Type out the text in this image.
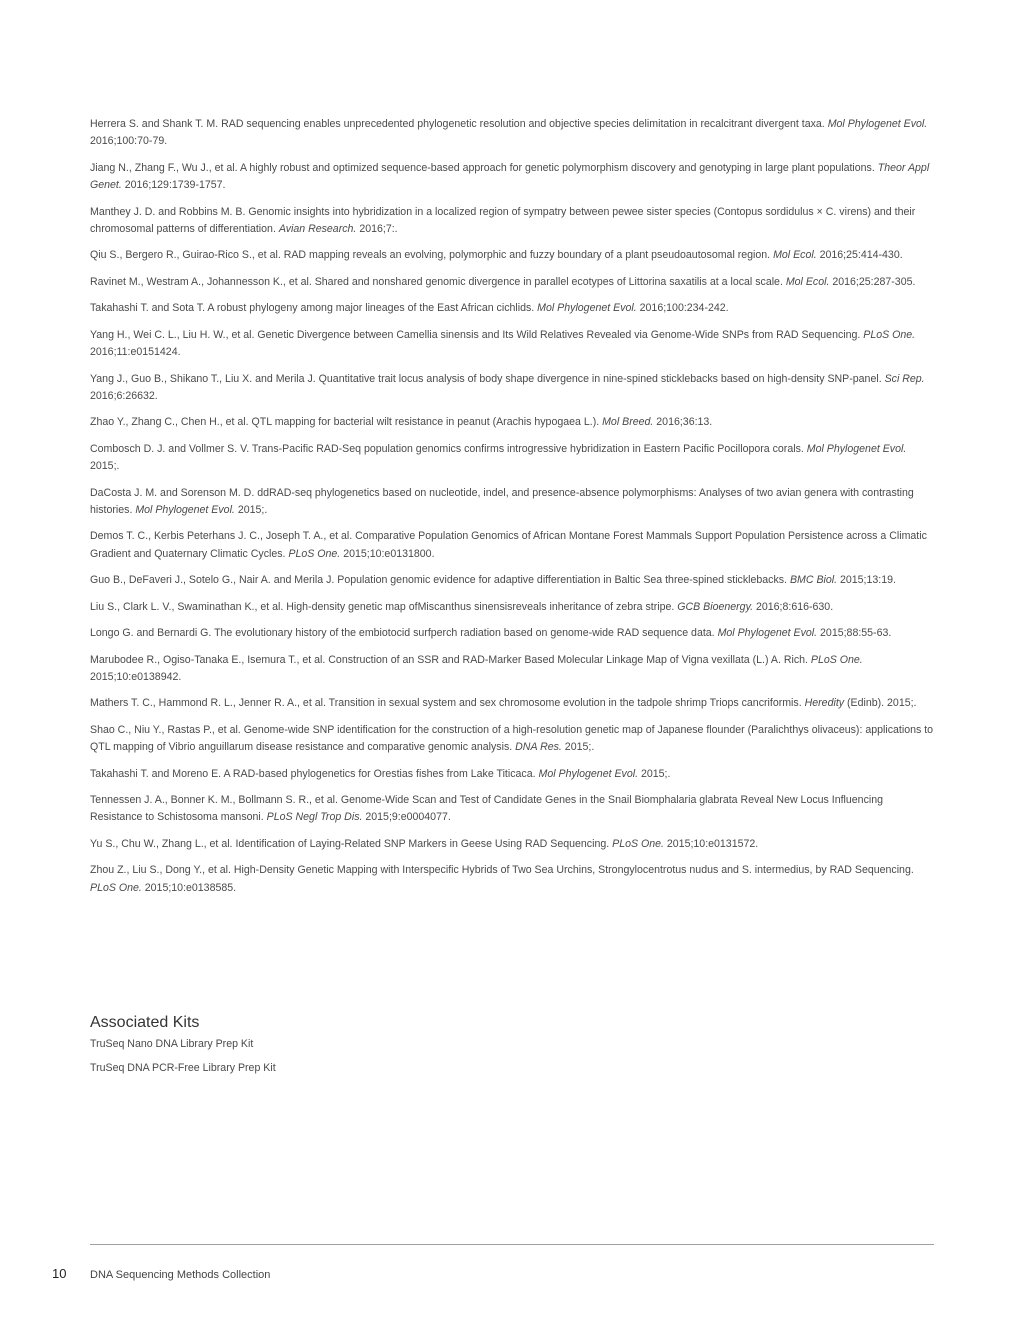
Herrera S. and Shank T. M. RAD sequencing enables unprecedented phylogenetic resolution and objective species delimitation in recalcitrant divergent taxa. Mol Phylogenet Evol. 2016;100:70-79.

Jiang N., Zhang F., Wu J., et al. A highly robust and optimized sequence-based approach for genetic polymorphism discovery and genotyping in large plant populations. Theor Appl Genet. 2016;129:1739-1757.

Manthey J. D. and Robbins M. B. Genomic insights into hybridization in a localized region of sympatry between pewee sister species (Contopus sordidulus × C. virens) and their chromosomal patterns of differentiation. Avian Research. 2016;7:.

Qiu S., Bergero R., Guirao-Rico S., et al. RAD mapping reveals an evolving, polymorphic and fuzzy boundary of a plant pseudoautosomal region. Mol Ecol. 2016;25:414-430.

Ravinet M., Westram A., Johannesson K., et al. Shared and nonshared genomic divergence in parallel ecotypes of Littorina saxatilis at a local scale. Mol Ecol. 2016;25:287-305.

Takahashi T. and Sota T. A robust phylogeny among major lineages of the East African cichlids. Mol Phylogenet Evol. 2016;100:234-242.

Yang H., Wei C. L., Liu H. W., et al. Genetic Divergence between Camellia sinensis and Its Wild Relatives Revealed via Genome-Wide SNPs from RAD Sequencing. PLoS One. 2016;11:e0151424.

Yang J., Guo B., Shikano T., Liu X. and Merila J. Quantitative trait locus analysis of body shape divergence in nine-spined sticklebacks based on high-density SNP-panel. Sci Rep. 2016;6:26632.

Zhao Y., Zhang C., Chen H., et al. QTL mapping for bacterial wilt resistance in peanut (Arachis hypogaea L.). Mol Breed. 2016;36:13.

Combosch D. J. and Vollmer S. V. Trans-Pacific RAD-Seq population genomics confirms introgressive hybridization in Eastern Pacific Pocillopora corals. Mol Phylogenet Evol. 2015;.

DaCosta J. M. and Sorenson M. D. ddRAD-seq phylogenetics based on nucleotide, indel, and presence-absence polymorphisms: Analyses of two avian genera with contrasting histories. Mol Phylogenet Evol. 2015;.

Demos T. C., Kerbis Peterhans J. C., Joseph T. A., et al. Comparative Population Genomics of African Montane Forest Mammals Support Population Persistence across a Climatic Gradient and Quaternary Climatic Cycles. PLoS One. 2015;10:e0131800.

Guo B., DeFaveri J., Sotelo G., Nair A. and Merila J. Population genomic evidence for adaptive differentiation in Baltic Sea three-spined sticklebacks. BMC Biol. 2015;13:19.

Liu S., Clark L. V., Swaminathan K., et al. High-density genetic map ofMiscanthus sinensisreveals inheritance of zebra stripe. GCB Bioenergy. 2016;8:616-630.

Longo G. and Bernardi G. The evolutionary history of the embiotocid surfperch radiation based on genome-wide RAD sequence data. Mol Phylogenet Evol. 2015;88:55-63.

Marubodee R., Ogiso-Tanaka E., Isemura T., et al. Construction of an SSR and RAD-Marker Based Molecular Linkage Map of Vigna vexillata (L.) A. Rich. PLoS One. 2015;10:e0138942.

Mathers T. C., Hammond R. L., Jenner R. A., et al. Transition in sexual system and sex chromosome evolution in the tadpole shrimp Triops cancriformis. Heredity (Edinb). 2015;.

Shao C., Niu Y., Rastas P., et al. Genome-wide SNP identification for the construction of a high-resolution genetic map of Japanese flounder (Paralichthys olivaceus): applications to QTL mapping of Vibrio anguillarum disease resistance and comparative genomic analysis. DNA Res. 2015;.

Takahashi T. and Moreno E. A RAD-based phylogenetics for Orestias fishes from Lake Titicaca. Mol Phylogenet Evol. 2015;.

Tennessen J. A., Bonner K. M., Bollmann S. R., et al. Genome-Wide Scan and Test of Candidate Genes in the Snail Biomphalaria glabrata Reveal New Locus Influencing Resistance to Schistosoma mansoni. PLoS Negl Trop Dis. 2015;9:e0004077.

Yu S., Chu W., Zhang L., et al. Identification of Laying-Related SNP Markers in Geese Using RAD Sequencing. PLoS One. 2015;10:e0131572.

Zhou Z., Liu S., Dong Y., et al. High-Density Genetic Mapping with Interspecific Hybrids of Two Sea Urchins, Strongylocentrotus nudus and S. intermedius, by RAD Sequencing. PLoS One. 2015;10:e0138585.

Associated Kits
TruSeq Nano DNA Library Prep Kit
TruSeq DNA PCR-Free Library Prep Kit
10 DNA Sequencing Methods Collection
